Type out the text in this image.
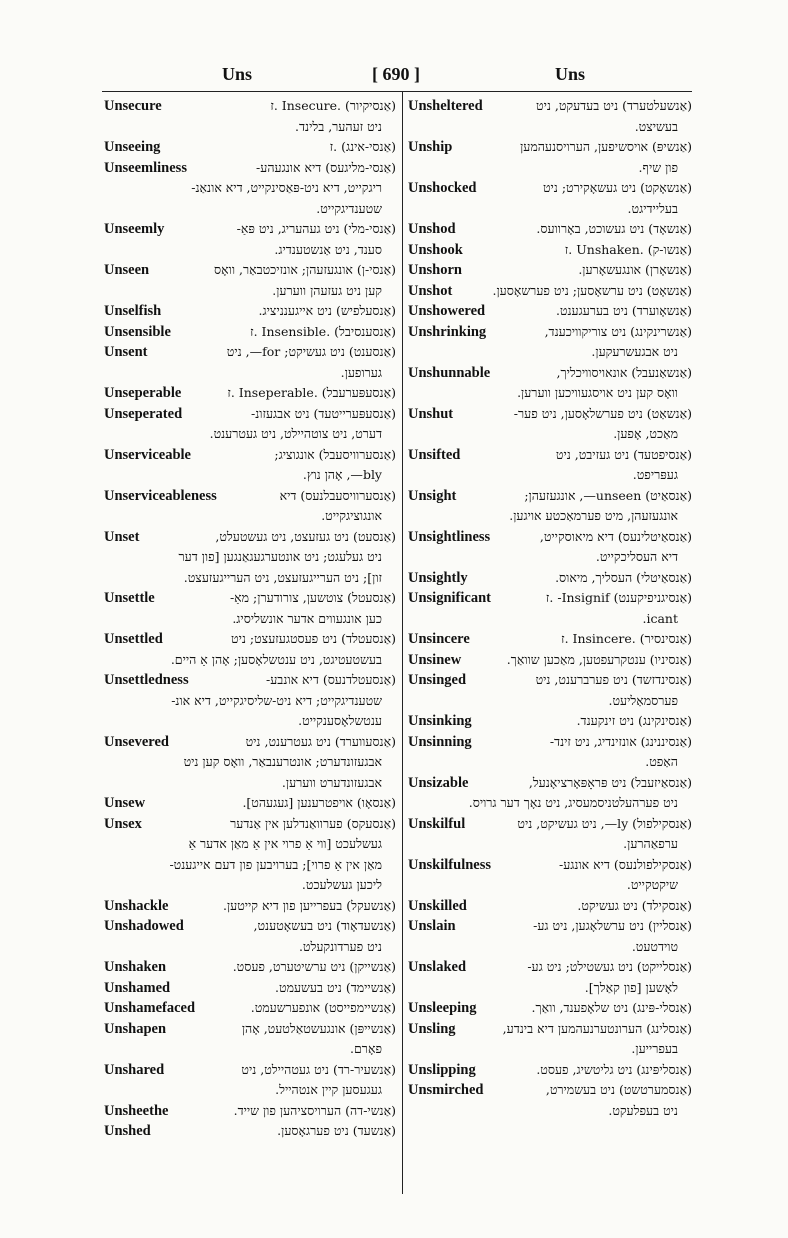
Uns	[ 690 ]	Uns
Unsecure	(אַנסיקיור) .Insecure .ז
ניט זעהער, בלינד.
Unseeing	(אַנסי-אינג) .ז
Unseemliness	(אַנסי-מליגעס) דיא אונגעהע-
ריגקייט, דיא ניט-פּאַסינקייט, דיא אונאַנ-
שטענדיגקייט.
Unseemly	(אַנסי-מלי) ניט געהעריג, ניט פּאַ-
סענד, ניט אַנשטענדיג.
Unseen	(אַנסי-ן) אונגעזעהן; אונזיכטבאַר, וואָס
קען ניט געזעהן ווערען.
Unselfish	(אַנסעלפיש) ניט אייגענניציג.
Unsensible	(אַנסענסיבל) .Insensible .ז
Unsent	(אַנסענט) ניט געשיקט; for—, ניט
גערופען.
Unseperable	(אַנסעפּערעבל) .Inseperable .ז
Unseperated	(אַנסעפּערייטעד) ניט אבגעזונ-
דערט, ניט צוטהיילט, ניט געטרענט.
Unserviceable	(אַנסערוויסעבל) אונגוציג;
bly—, אָהן נוץ.
Unserviceableness	(אַנסערוויסעבלנעס) דיא
אונגוציגקייט.
Unset	(אַנסעט) ניט געזעצט, ניט געשטעלט,
ניט געלעגט; ניט אונטערגעגאַנגען [פון דער
זון]; ניט הערייגעזעצט, ניט הערייגעזעצט.
Unsettle	(אַנסעטל) צוטשען, צורודערן; מאַ-
כען אונגעווים אדער אונשליסיג.
Unsettled	(אַנסעטלד) ניט פעסטגעזעצט; ניט
בעשטעטיגט, ניט ענטשלאָסען; אָהן אַ היים.
Unsettledness	(אַנסעטלדנעס) דיא אונבע-
שטענדיגקייט; דיא ניט-שליסיגקייט, דיא אונ-
ענטשלאָסענקייט.
Unsevered	(אַנסעווערד) ניט געטרענט, ניט
אבגעזונדערט; אונטרענבאַר, וואָס קען ניט
אבגעזונדערט ווערען.
Unsew	(אַנסאָו) אויפטרענען [געגעהט].
Unsex	(אַנסעקס) פערוואַנדלען אין אַנדער
געשלעכט [ווי אַ פרוי אין אַ מאַן אדער אַ
מאַן אין אַ פרוי]; בערויבען פון דעם אייגענט-
ליכען געשלעכט.
Unshackle	(אַנשעקל) בעפרייען פון דיא קייטען.
Unshadowed	(אַנשעדאָוד) ניט בעשאָטענט,
ניט פערדונקעלט.
Unshaken	(אַנשייקן) ניט ערשיטערט, פעסט.
Unshamed	(אַנשיימד) ניט בעשעמט.
Unshamefaced	(אַנשיימפייסט) אונפערשעמט.
Unshapen	(אַנשייפּן) אונגעשטאַלטעט, אָהן
פאָרם.
Unshared	(אַנשעיר-רד) ניט געטהיילט, ניט
געגעסען קיין אנטהייל.
Unsheethe	(אַנשי-דה) הערויסציהען פון שייד.
Unshed	(אַנשעד) ניט פערגאָסען.
Unsheltered	(אַנשעלטערד) ניט בעדעקט, ניט
בעשיצט.
Unship	(אַנשיפּ) אויסשיפען, הערויסנעהמען
פון שיף.
Unshocked	(אַנשאָקט) ניט געשאָקירט; ניט
בעליידיגט.
Unshod	(אַנשאָד) ניט געשוכט, באָרוועס.
Unshook	(אַנשו-ק) .Unshaken .ז
Unshorn	(אַנשאָרן) אונגעשאָרען.
Unshot	(אַנשאָט) ניט ערשאָסען; ניט פערשאָסען.
Unshowered	(אַנשאָוערד) ניט בערעגענט.
Unshrinking	(אַנשרינקינג) ניט צוריקוויכענד,
ניט אבגעשרעקען.
Unshunnable	(אַנשאַנעבל) אונאויסוויכליך,
וואָס קען ניט אויסגעוויכען ווערען.
Unshut	(אַנשאַט) ניט פערשלאָסען, ניט פער-
מאַכט, אָפען.
Unsifted	(אַנסיפטעד) ניט געזיבט, ניט
געפּריפט.
Unsight	(אַנסאַיט) unseen—, אונגעזעהן;
אונגעזעהן, מיט פערמאַכטע אויגען.
Unsightliness	(אַנסאַיטלינעס) דיא מיאוסקייט,
דיא העסליכקייט.
Unsightly	(אַנסאַיטלי) העסליך, מיאוס.
Unsignificant	(אַנסיגניפיקענט) Insignif- .ז
icant.
Unsincere	(אַנסינסיר) .Insincere .ז
Unsinew	(אַנסיניו) ענטקרעפטען, מאַכען שוואַך.
Unsinged	(אַנסינדזשד) ניט פערברענט, ניט
פערסמאַליעט.
Unsinking	(אַנסינקינג) ניט זינקענד.
Unsinning	(אַנסיננינג) אונזינדיג, ניט זינד-
האַפט.
Unsizable	(אַנסאַיזעבל) ניט פּראָפּאָרציאָנעל,
ניט פערהעלטניסמעסיג, ניט נאָך דער גרויס.
Unskilful	(אַנסקילפול) ly—, ניט געשיקט, ניט
ערפאַהרען.
Unskilfulness	(אַנסקילפולנעס) דיא אונגע-
שיקטקייט.
Unskilled	(אַנסקילד) ניט געשיקט.
Unslain	(אַנסליין) ניט ערשלאָגען, ניט גע-
טוידטעט.
Unslaked	(אַנסלייקט) ניט געשטילט; ניט גע-
לאָשען [פון קאַלך].
Unsleeping	(אַנסלי-פּינג) ניט שלאָפענד, וואַך.
Unsling	(אַנסלינג) הערונטערנעהמען דיא בינדע,
בעפרייען.
Unslipping	(אַנסליפּינג) ניט גליטשיג, פעסט.
Unsmirched	(אַנסמערטשט) ניט בעשמירט,
ניט בעפלעקט.
